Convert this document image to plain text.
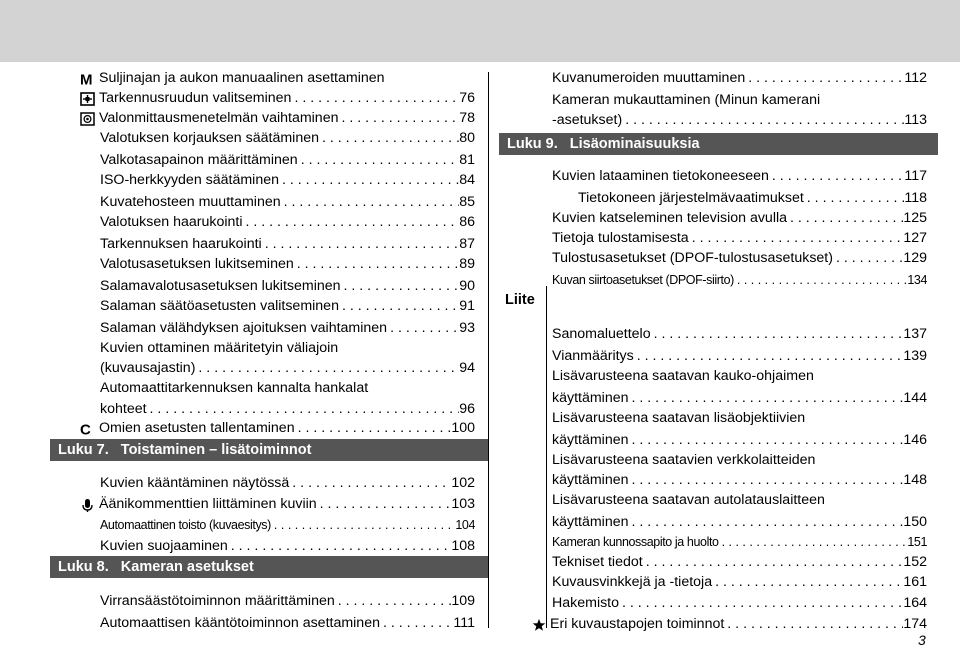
M Suljinajan ja aukon manuaalinen asettaminen
Tarkennusruudun valitseminen . . .	76
Valonmittausmenetelmän vaihtaminen . . .	78
Valotuksen korjauksen säätäminen . . .	80
Valkotasapainon määrittäminen . . .	81
ISO-herkkyyden säätäminen . . .	84
Kuvatehosteen muuttaminen . . .	85
Valotuksen haarukointi . . .	86
Tarkennuksen haarukointi . . .	87
Valotusasetuksen lukitseminen . . .	89
Salamavalotusasetuksen lukitseminen . . .	90
Salaman säätöasetusten valitseminen . . .	91
Salaman välähdyksen ajoituksen vaihtaminen . . .	93
Kuvien ottaminen määritetyin väliajoin
(kuvausajastin) . . .	94
Automaattitarkennuksen kannalta hankalat
kohteet . . .	96
C Omien asetusten tallentaminen . . .	100
Luku 7. Toistaminen – lisätoiminnot
Kuvien kääntäminen näytössä . . .	102
Äänikommenttien liittäminen kuviin . . .	103
Automaattinen toisto (kuvaesitys) . . .	104
Kuvien suojaaminen . . .	108
Luku 8. Kameran asetukset
Virransäästötoiminnon määrittäminen . . .	109
Automaattisen kääntötoiminnon asettaminen . . .	111
Kuvanumeroiden muuttaminen . . .	112
Kameran mukauttaminen (Minun kamerani
-asetukset) . . .	113
Luku 9. Lisäominaisuuksia
Kuvien lataaminen tietokoneeseen . . .	117
Tietokoneen järjestelmävaatimukset . . .	118
Kuvien katseleminen television avulla . . .	125
Tietoja tulostamisesta . . .	127
Tulostusasetukset (DPOF-tulostusasetukset) . . .	129
Kuvan siirtoasetukset (DPOF-siirto) . . .	134
Liite
Sanomaluettelo . . .	137
Vianmääritys . . .	139
Lisävarusteena saatavan kauko-ohjaimen
käyttäminen . . .	144
Lisävarusteena saatavan lisäobjektiivien
käyttäminen . . .	146
Lisävarusteena saatavien verkkolaitteiden
käyttäminen . . .	148
Lisävarusteena saatavan autolatauslaitteen
käyttäminen . . .	150
Kameran kunnossapito ja huolto . . .	151
Tekniset tiedot . . .	152
Kuvausvinkkejä ja -tietoja . . .	161
Hakemisto . . .	164
Eri kuvaustapojen toiminnot . . .	174
3
